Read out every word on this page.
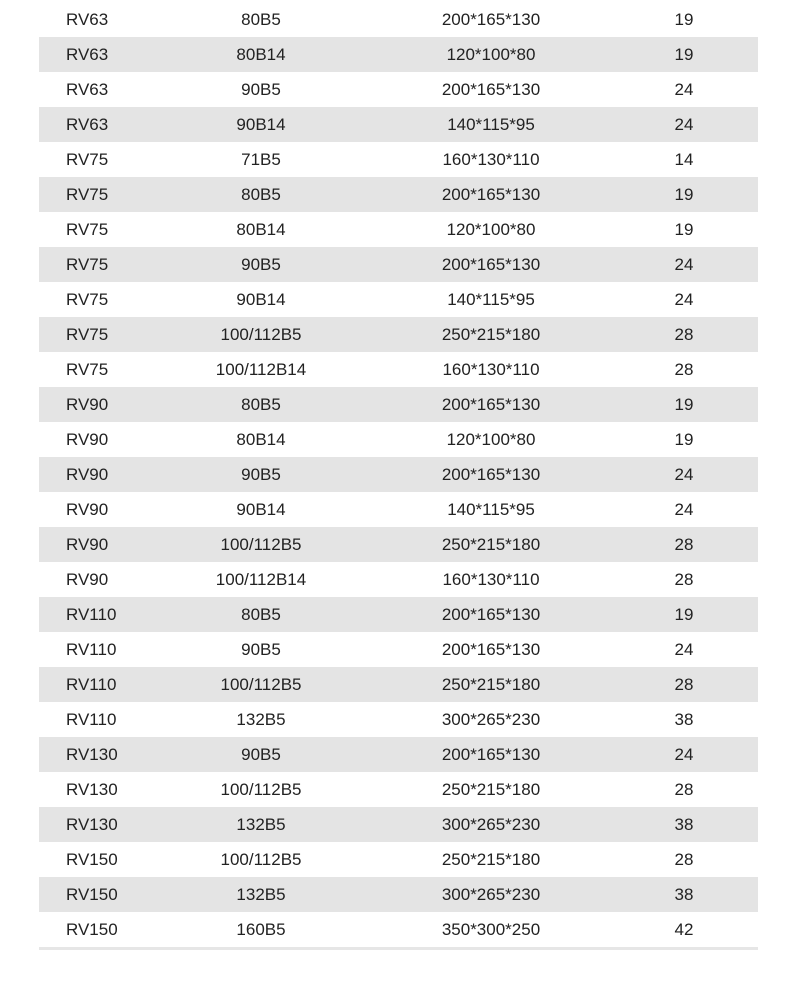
RV63	80B5	200*165*130	19
RV63	80B14	120*100*80	19
RV63	90B5	200*165*130	24
RV63	90B14	140*115*95	24
RV75	71B5	160*130*110	14
RV75	80B5	200*165*130	19
RV75	80B14	120*100*80	19
RV75	90B5	200*165*130	24
RV75	90B14	140*115*95	24
RV75	100/112B5	250*215*180	28
RV75	100/112B14	160*130*110	28
RV90	80B5	200*165*130	19
RV90	80B14	120*100*80	19
RV90	90B5	200*165*130	24
RV90	90B14	140*115*95	24
RV90	100/112B5	250*215*180	28
RV90	100/112B14	160*130*110	28
RV110	80B5	200*165*130	19
RV110	90B5	200*165*130	24
RV110	100/112B5	250*215*180	28
RV110	132B5	300*265*230	38
RV130	90B5	200*165*130	24
RV130	100/112B5	250*215*180	28
RV130	132B5	300*265*230	38
RV150	100/112B5	250*215*180	28
RV150	132B5	300*265*230	38
RV150	160B5	350*300*250	42
